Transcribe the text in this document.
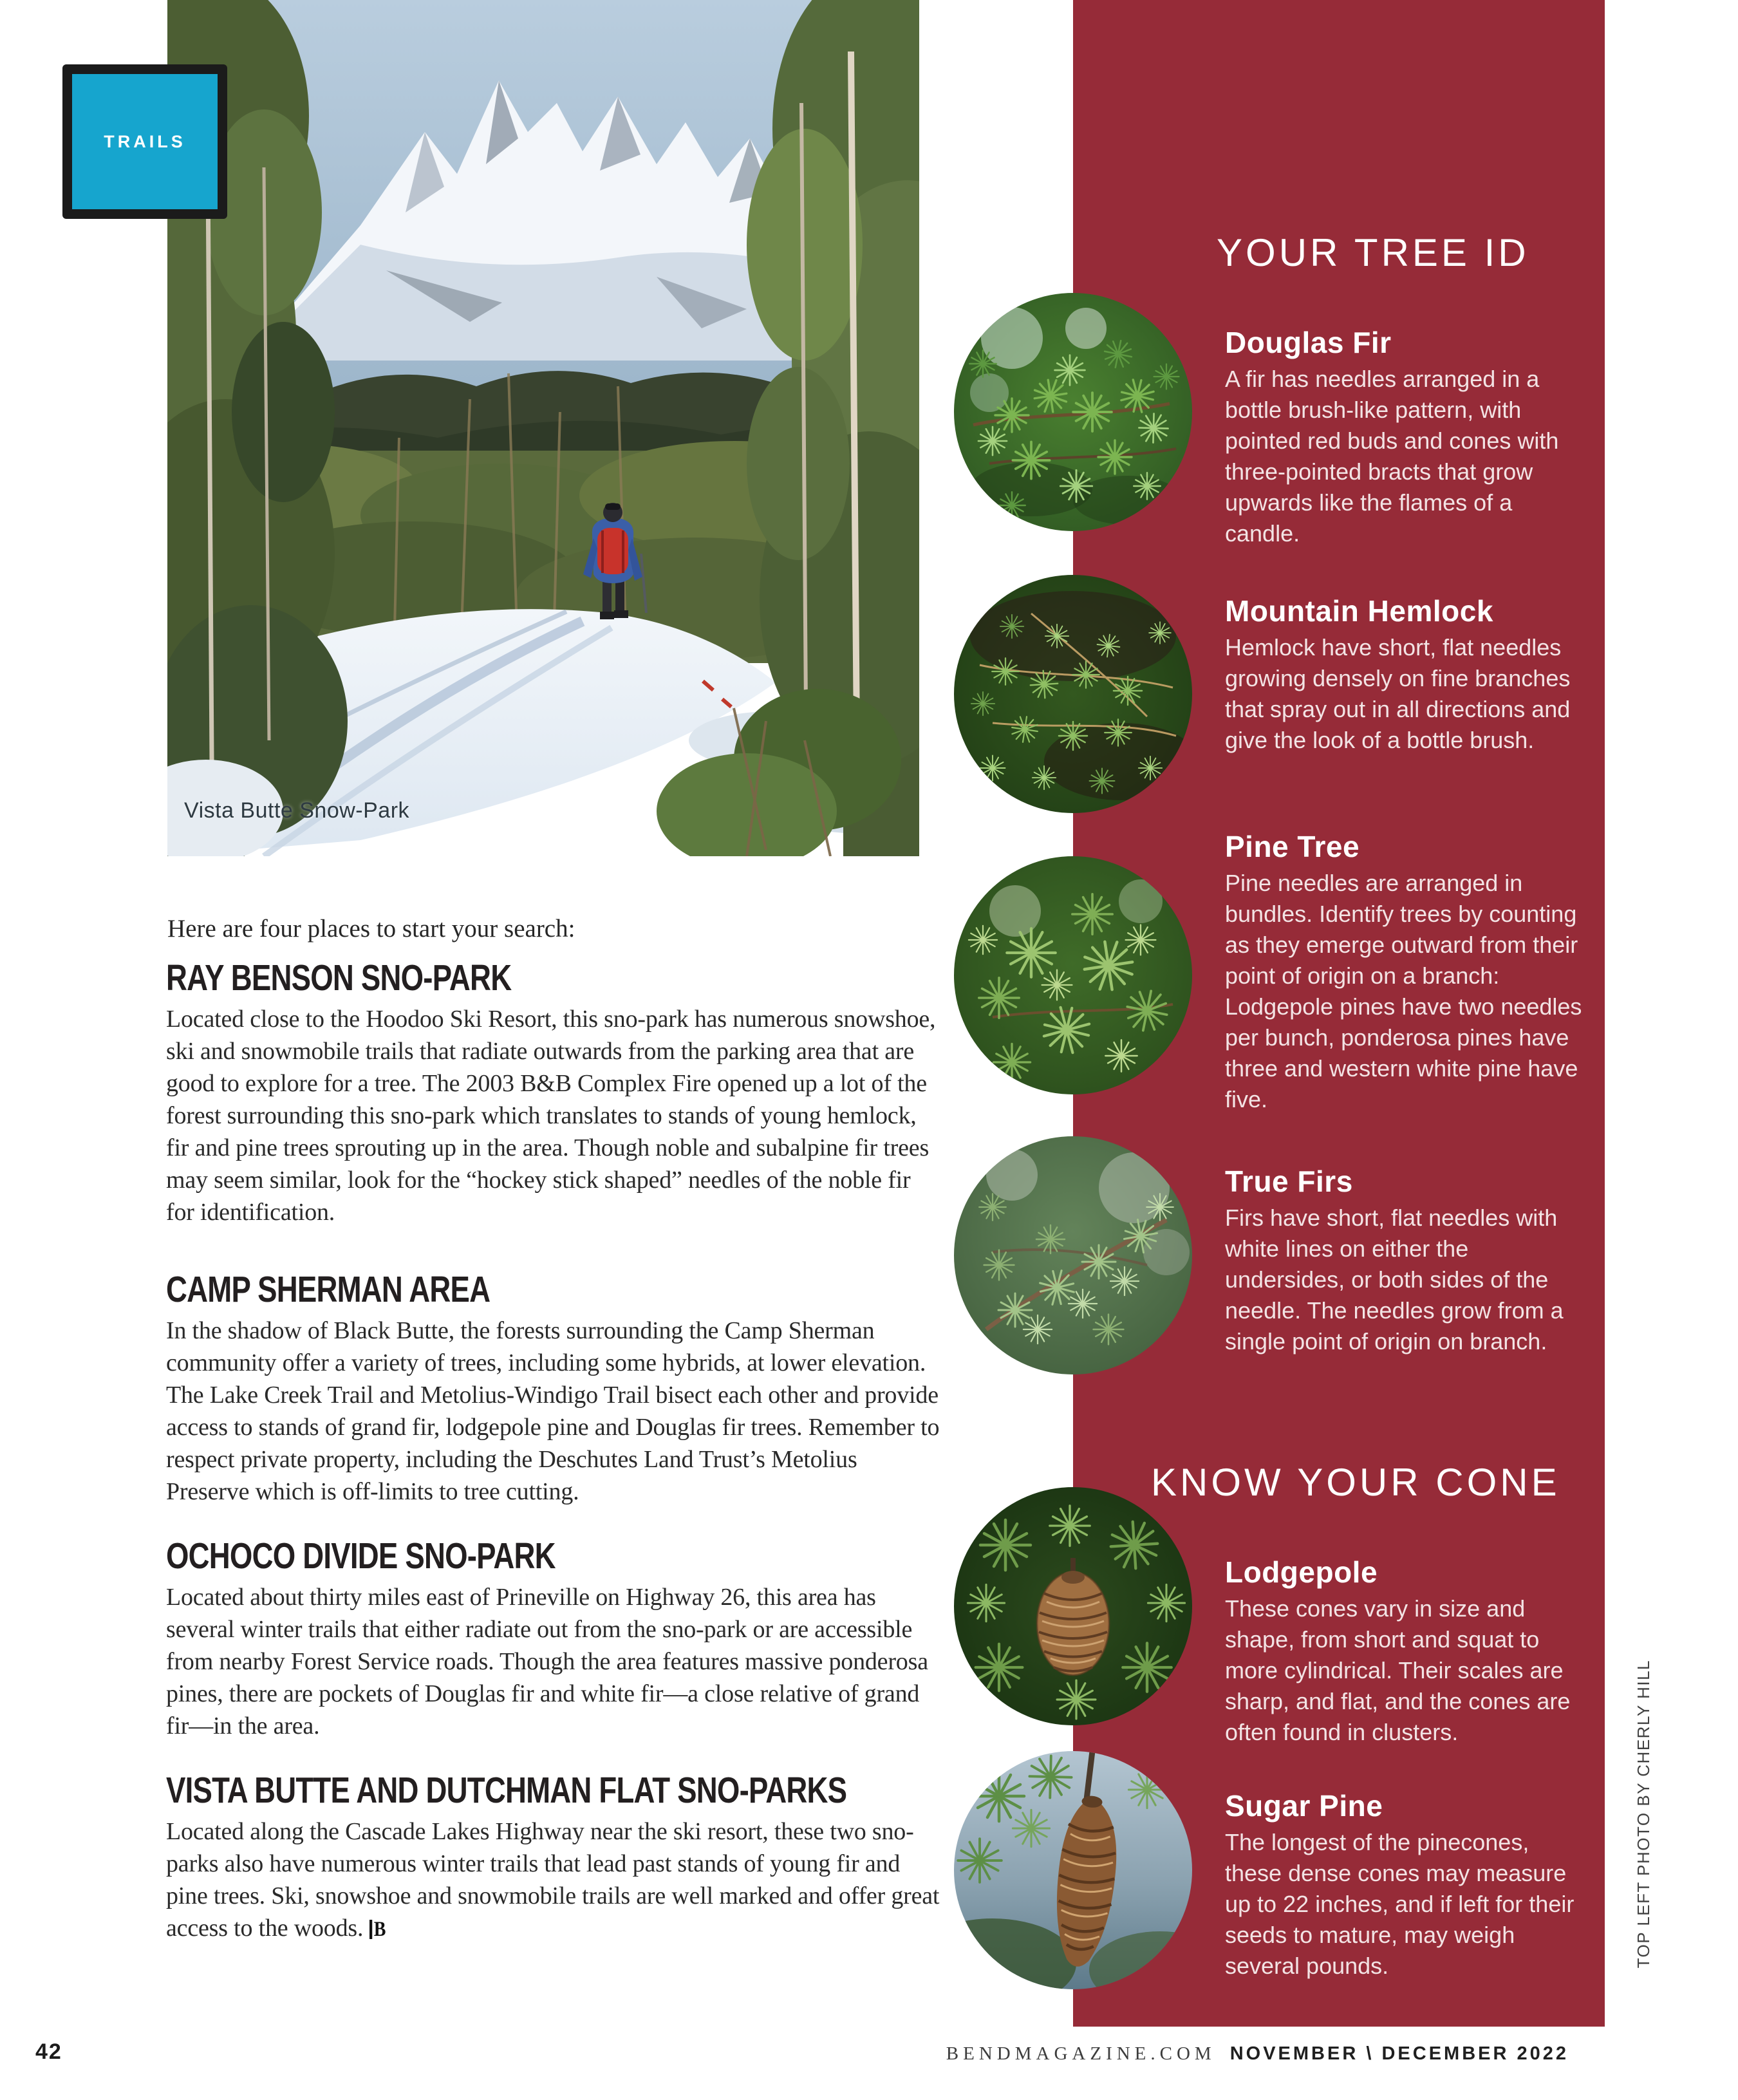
Vista Butte Snow-Park
TRAILS
Here are four places to start your search:
RAY BENSON SNO-PARK
Located close to the Hoodoo Ski Resort, this sno-park has numerous snowshoe, ski and snowmobile trails that radiate outwards from the parking area that are good to explore for a tree. The 2003 B&B Complex Fire opened up a lot of the forest surrounding this sno-park which translates to stands of young hemlock, fir and pine trees sprouting up in the area. Though noble and subalpine fir trees may seem similar, look for the “hockey stick shaped” needles of the noble fir for identification.
CAMP SHERMAN AREA
In the shadow of Black Butte, the forests surrounding the Camp Sherman community offer a variety of trees, including some hybrids, at lower elevation. The Lake Creek Trail and Metolius-Windigo Trail bisect each other and provide access to stands of grand fir, lodgepole pine and Douglas fir trees. Remember to respect private property, including the Deschutes Land Trust’s Metolius Preserve which is off-limits to tree cutting.
OCHOCO DIVIDE SNO-PARK
Located about thirty miles east of Prineville on Highway 26, this area has several winter trails that either radiate out from the sno-park or are accessible from nearby Forest Service roads. Though the area features massive ponderosa pines, there are pockets of Douglas fir and white fir—a close relative of grand fir—in the area.
VISTA BUTTE AND DUTCHMAN FLAT SNO-PARKS
Located along the Cascade Lakes Highway near the ski resort, these two sno-parks also have numerous winter trails that lead past stands of young fir and pine trees. Ski, snowshoe and snowmobile trails are well marked and offer great access to the woods. B
YOUR TREE ID
KNOW YOUR CONE
Douglas Fir
A fir has needles arranged in a bottle brush-like pattern, with pointed red buds and cones with three-pointed bracts that grow upwards like the flames of a candle.
Mountain Hemlock
Hemlock have short, flat needles growing densely on fine branches that spray out in all directions and give the look of a bottle brush.
Pine Tree
Pine needles are arranged in bundles. Identify trees by counting as they emerge outward from their point of origin on a branch: Lodgepole pines have two needles per bunch, ponderosa pines have three and western white pine have five.
True Firs
Firs have short, flat needles with white lines on either the undersides, or both sides of the needle. The needles grow from a single point of origin on branch.
Lodgepole
These cones vary in size and shape, from short and squat to more cylindrical. Their scales are sharp, and flat, and the cones are often found in clusters.
Sugar Pine
The longest of the pinecones, these dense cones may measure up to 22 inches, and if left for their seeds to mature, may weigh several pounds.
42	BENDMAGAZINE.COM NOVEMBER \ DECEMBER 2022
TOP LEFT PHOTO BY CHERLY HILL
